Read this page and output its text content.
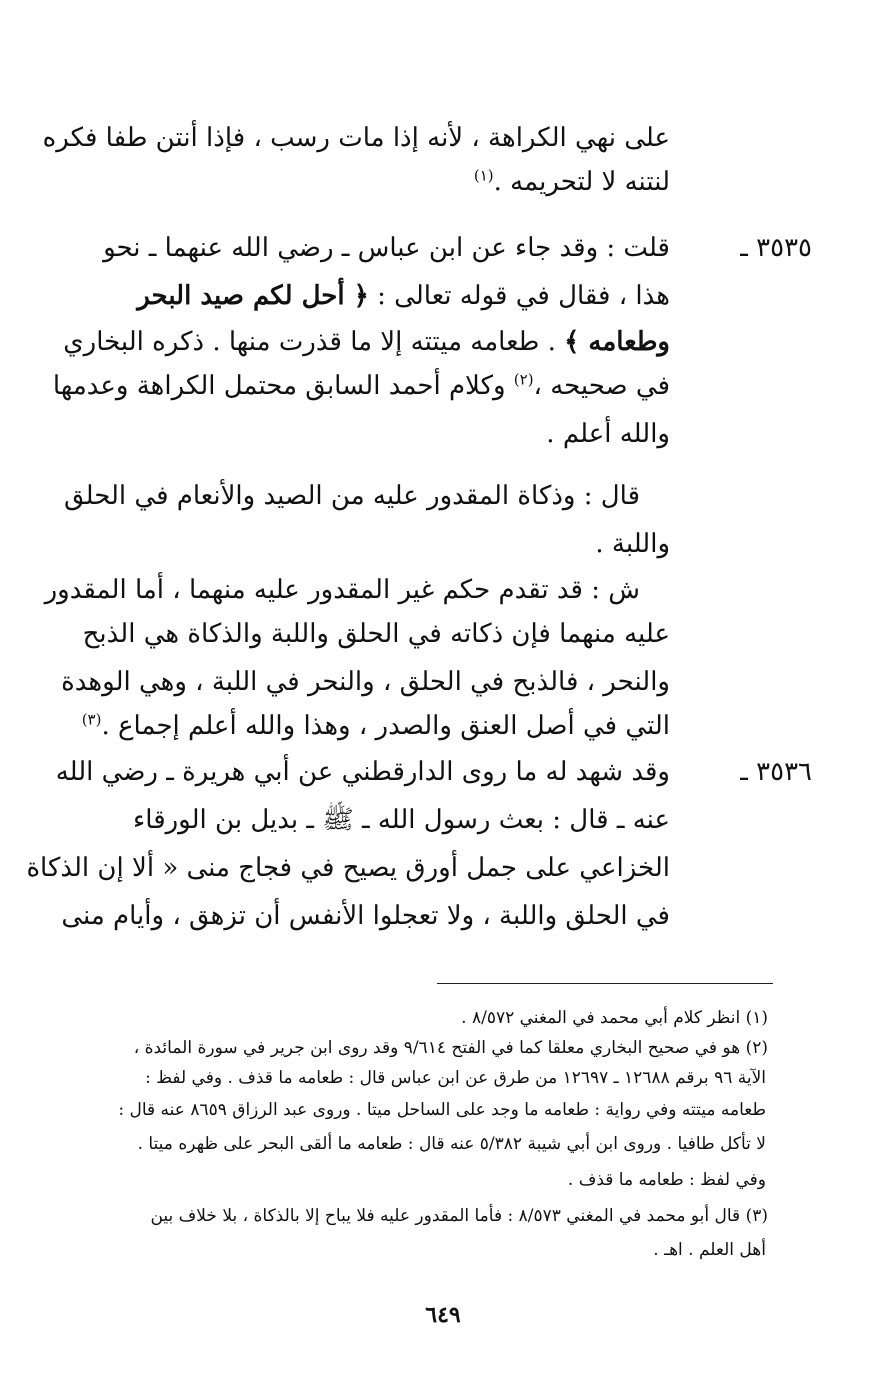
على نهي الكراهة ، لأنه إذا مات رسب ، فإذا أنتن طفا فكره
لنتنه لا لتحريمه .$^{(١)}$
٣٥٣٥ ـ
قلت : وقد جاء عن ابن عباس ـ رضي الله عنهما ـ نحو
هذا ، فقال في قوله تعالى : ﴿ أحل لكم صيد البحر
وطعامه ﴾ . طعامه ميتته إلا ما قذرت منها . ذكره البخاري
في صحيحه ،$^{(٢)}$ وكلام أحمد السابق محتمل الكراهة وعدمها
والله أعلم .
قال : وذكاة المقدور عليه من الصيد والأنعام في الحلق
واللبة .
ش : قد تقدم حكم غير المقدور عليه منهما ، أما المقدور
عليه منهما فإن ذكاته في الحلق واللبة والذكاة هي الذبح
والنحر ، فالذبح في الحلق ، والنحر في اللبة ، وهي الوهدة
التي في أصل العنق والصدر ، وهذا والله أعلم إجماع .$^{(٣)}$
٣٥٣٦ ـ
وقد شهد له ما روى الدارقطني عن أبي هريرة ـ رضي الله
عنه ـ قال : بعث رسول الله ـ ﷺ ـ بديل بن الورقاء
الخزاعي على جمل أورق يصيح في فجاج منى « ألا إن الذكاة
في الحلق واللبة ، ولا تعجلوا الأنفس أن تزهق ، وأيام منى
(١) انظر كلام أبي محمد في المغني ٨/٥٧٢ .
(٢) هو في صحيح البخاري معلقا كما في الفتح ٩/٦١٤ وقد روى ابن جرير في سورة المائدة ،
الآية ٩٦ برقم ١٢٦٨٨ ـ ١٢٦٩٧ من طرق عن ابن عباس قال : طعامه ما قذف . وفي لفظ :
طعامه ميتته وفي رواية : طعامه ما وجد على الساحل ميتا . وروى عبد الرزاق ٨٦٥٩ عنه قال :
لا تأكل طافيا . وروى ابن أبي شيبة ٥/٣٨٢ عنه قال : طعامه ما ألقى البحر على ظهره ميتا .
وفي لفظ : طعامه ما قذف .
(٣) قال أبو محمد في المغني ٨/٥٧٣ : فأما المقدور عليه فلا يباح إلا بالذكاة ، بلا خلاف بين
أهل العلم . اهـ .
٦٤٩
